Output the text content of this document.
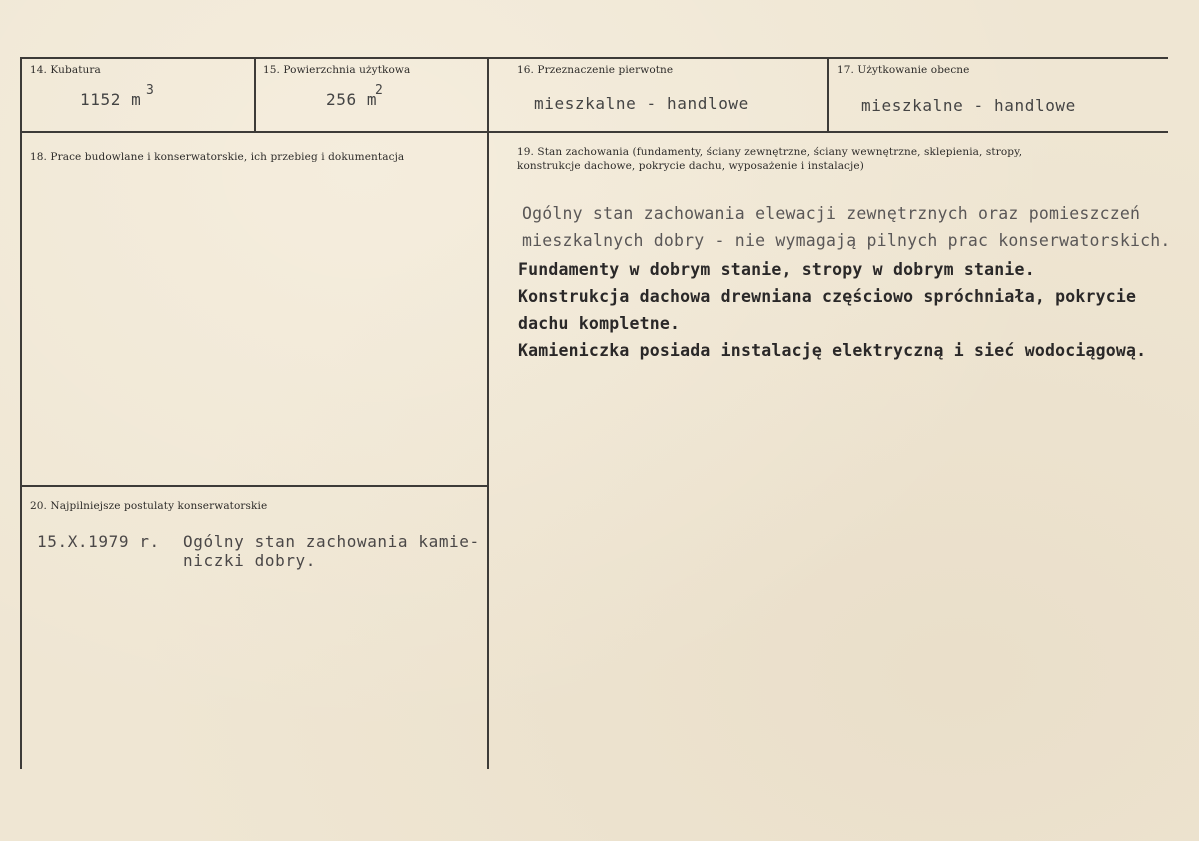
14. Kubatura
1152 m 3
15. Powierzchnia użytkowa
256 m
2
16. Przeznaczenie pierwotne
mieszkalne - handlowe
17. Użytkowanie obecne
mieszkalne - handlowe
18. Prace budowlane i konserwatorskie, ich przebieg i dokumentacja	19. Stan zachowania (fundamenty, ściany zewnętrzne, ściany wewnętrzne, sklepienia, stropy,
konstrukcje dachowe, pokrycie dachu, wyposażenie i instalacje)
Ogólny stan zachowania elewacji zewnętrznych oraz pomieszczeń
mieszkalnych dobry - nie wymagają pilnych prac konserwatorskich.
Fundamenty w dobrym stanie, stropy w dobrym stanie.
Konstrukcja dachowa drewniana częściowo spróchniała, pokrycie
dachu kompletne.
Kamieniczka posiada instalację elektryczną i sieć wodociągową.
20. Najpilniejsze postulaty konserwatorskie
15.X.1979 r. Ogólny stan zachowania kamie-
niczki dobry.
